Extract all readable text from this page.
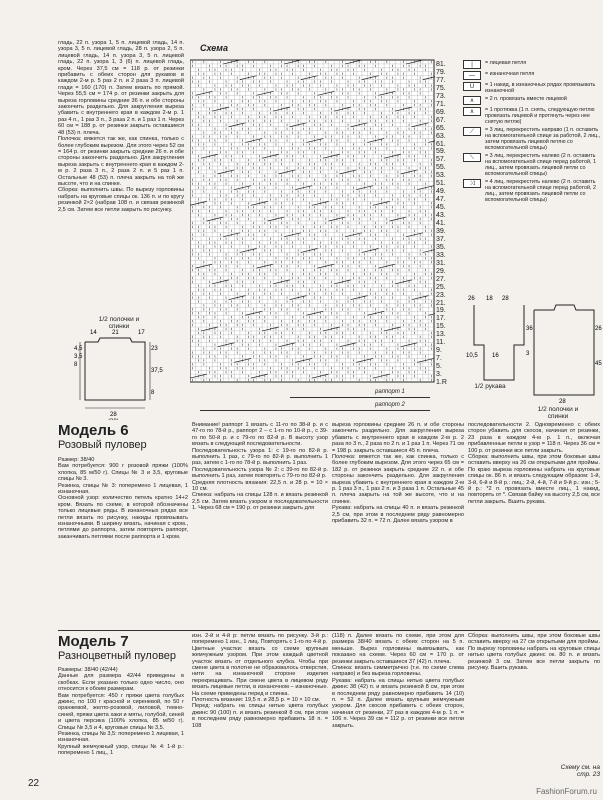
гладь, 22 п. узора 1, 5 п. лицевой гладь, 14 п. узора 3, 5 п. лицевой гладь, 28 п. узора 2, 5 п. лицевой гладь, 14 п. узора 3, 5 п. лицевой гладь, 22 п. узора 1, 3 (6) п. лицевой гладь, кром. Через 37,5 см = 118 р. от резинки прибавить с обеих сторон для рукавов в каждом 2-м р. 5 раз 2 п. и 2 раза 3 п. лицевой глади = 160 (170) п. Затем вязать по прямой. Через 55,5 см = 174 р. от резинки закрыть для выреза горловины средние 36 п. и обе стороны закончить раздельно. Для закругления выреза убавить с внутреннего края в каждом 2-м р. 1 раз 4 п., 1 раз 3 п., 3 раза 2 п. и 1 раз 1 п. Через 60 см = 188 р. от резинки закрыть оставшиеся 48 (53) п. плеча.

Полочка: вяжется так же, как спинка, только с более глубоким вырезом. Для этого через 52 см = 164 р. от резинки закрыть средние 26 п. и обе стороны закончить раздельно. Для закругления выреза закрыть с внутреннего края в каждом 2-м р. 2 раза 3 п., 2 раза 2 п. и 5 раз 1 п. Остальные 48 (53) п. плеча закрыть на той же высоте, что и на спинке.

Сборка: выполнить швы. По вырезу горловины набрать на круговые спицы ок. 136 п. и по кругу резинкой 2×2 (набрав 108 п. и связав резинкой 2,5 см. Затем все петли закрыть по рисунку.

Схема
81.
79.
77.
75.
73.
71.
69.
67.
65.
63.
61.
59.
57.
55.
53.
51.
49.
47.
45.
43.
41.
39.
37.
35.
33.
31.
29.
27.
25.
23.
21.
19.
17.
15.
13.
11.
9.
7.
5.
3.
1.R
раппорт 1
раппорт 2
|	= лицевая петля
—	= изнаночная петля
U	= 1 накид, в изнаночных рядах провязывать изнаночной
∧	= 2 п. провязать вместе лицевой
∧	= 1 протяжка (1 п. снять, следующую петлю провязать лицевой и протянуть через нее снятую петлю)
⟋	= 3 лиц. перекрестить направо (1 п. оставить на вспомогательной спице за работой, 2 лиц., затем провязать лицевой петлю со вспомогательной спицы)
⟍	= 3 лиц. перекрестить налево (2 п. оставить на вспомогательной спице перед работой, 1 лиц., затем провязать лицевой петли со вспомогательной спицы)
⤨	= 4 лиц. перекрестить налево (2 п. оставить на вспомогательной спице перед работой, 2 лиц., затем провязать лицевой петли со вспомогательной спицы)
4,5
3,5
8
23
37,5
8
28
14	21	17
1/2 полочки и спинки
26 18 28
36
3
10,5 16
26
45
28
1/2 рукава
1/2 полочки и спинки
Модель 6
Розовый пуловер

Размер: 38/40

Вам потребуется: 900 г розовой пряжи (100% хлопка, 85 м/50 г). Спицы № 3 и 3,5, круговые спицы № 3.

Резинка, спицы № 3: поперемено 1 лицевая, 1 изнаночная.

Основной узор: количество петель кратно 14+2 кром. Вязать по схеме, в которой обозначены только лицевые ряды. В изнаночных рядах все петли вязать по рисунку, накиды провязывать изнаночными. В ширину вязать, начиная с кром., петлями до раппорта, затем повторять раппорт, заканчивать петлями после раппорта и 1 кром.

Внимание! раппорт 1 вязать с 11-го по 38-й р. и с 47-го по 78-й р., раппорт 2 – с 1-го по 10-й р., с 39-го по 50-й р. и с 79-го по 82-й р. В высоту узор вязать в следующей последовательности.

Последовательность узора 1: с 19-го по 82-й р. выполнить 1 раз, с 79-го по 82-й р. выполнить 1 раз, затем с 1-го по 78-й р. выполнить 1 раз.

Последовательность узора № 2: с 39-го по 82-й р. выполнить 1 раз, затем повторять с 79-го по 82-й р.

Средняя плотность вязания: 22,5 п. и 28 р. = 10 × 10 см.

Спинка: набрать на спицы 128 п. и вязать резинкой 2,5 см. Затем вязать узором в последовательности 1. Через 68 см = 190 р. от резинки закрыть для

выреза горловины средние 26 п. и обе стороны закончить раздельно. Для закругления выреза убавить с внутреннего края в каждом 2-м р. 2 раза по 3 п., 2 раза по 2 п. и 1 раз 1 п. Через 71 см = 198 р. закрыть оставшиеся 45 п. плеча.

Полочка: вяжется так же, как спинка, только с более глубоким вырезом. Для этого через 65 см = 182 р. от резинки закрыть средние 22 п. и обе стороны закончить раздельно. Для закругления выреза убавить с внутреннего края в каждом 2-м р. 1 раз 3 п., 1 раз 2 п. и 3 раза 1 п. Остальные 45 п. плеча закрыть на той же высоте, что и на спинке.

Рукава: набрать на спицы 40 п. и вязать резинкой 2,5 см, при этом в последнем ряду равномерно прибавить 32 п. = 72 п. Далее вязать узором в

последовательности 2. Одновременно с обеих сторон убавить для скосов, начиная от резинки, 23 раза в каждом 4-м р. 1 п., включая прибавленные петли в узор = 118 п. Через 36 см = 100 р. от резинки все петли закрыть.

Сборка: выполнить швы, при этом боковые швы оставить вверху на 26 см открытыми для проймы. По краю выреза горловины набрать на круговые спицы ок. 86 п. и вязать следующим образом: 1-й, 3-й, 6-й и 8-й р.: лиц.; 2-й, 4-й, 7-й и 9-й р.: изн.; 5-й р.: *2 п. провязать вместе лиц., 1 накид, повторять от *. Связав байку на высоту 2,5 см, все петли закрыть. Вшить рукава.

Модель 7
Разноцветный пуловер

Размеры: 38/40 (42/44)

Данные для размера 42/44 приведены в скобках. Если указано только одно число, оно относится к обоим размерам.

Вам потребуется: 450 г пряжи цвета голубых джинс, по 100 г красной и сиреневой, по 50 г оранжевой, желто-розовой, лиловой, темно-синей, пряжи цвета хаки и мяты, голубой, синей и цвета персика (100% хлопка, 85 м/50 г). Спицы № 3,5 и 4, круговые спицы № 3,5.

Резинка, спицы № 3,5: поперемено 1 лицевая, 1 изнаночная.

Крупный жемчужный узор, спицы № 4: 1-й р.: поперемено 1 лиц., 1

изн. 2-й и 4-й р: петли вязать по рисунку. 3-й р.: поперемено 1 изн., 1 лиц. Повторять с 1-го по 4-й р.

Цветные участки: вязать со схеме крупным жемчужным узором. При этом каждый цветной участок вязать от отдельного клубка. Чтобы при смене цвета в полотне не образовалось отверстия, нити на изнаночной стороне изделия перекрещивать. При смене цвета в лицевом ряду вязать лицевые петли, в изнаночном – изнаночные. На схеме приведены перед и спинка.

Плотность вязания: 19,5 п. и 28,5 р. = 10 × 10 см.

Перед: набрать на спицы нитью цвета голубых джинс 90 (100) п. и вязать резинкой 8 см, при этом в последнем ряду равномерно прибавить 18 п. = 108

(118) п. Далее вязать по схеме, при этом для размера 38/40 вязать с обеих сторон на 5 п. меньше. Вырез горловины вывязывать, как показано на схеме. Через 60 см = 170 р. от резинки закрыть оставшиеся 37 (42) п. плеча.

Спинка: вязать симметрично (т.е. по схеме слева направо) и без выреза горловины.

Рукава: набрать на спицы нитью цвета голубых джинс 38 (42) п. и вязать резинкой 8 см, при этом в последнем ряду равномерно прибавить 14 (10) п. = 52 п. Далее вязать крупным жемчужным узором. Для скосов прибавить с обеих сторон, начиная от резинки, 27 раз в каждом 4-м р. 1 п. = 106 п. Через 39 см = 112 р. от резинки все петли закрыть.

Сборка: выполнить швы, при этом боковые швы оставить вверху на 27 см открытыми для проймы. По вырезу горловины набрать на круговые спицы нитью цвета голубых джинс ок. 80 п. и вязать резинкой 3 см. Затем все петли закрыть по рисунку. Вшить рукава.

Схему см. на стр. 23
22
FashionForum.ru
